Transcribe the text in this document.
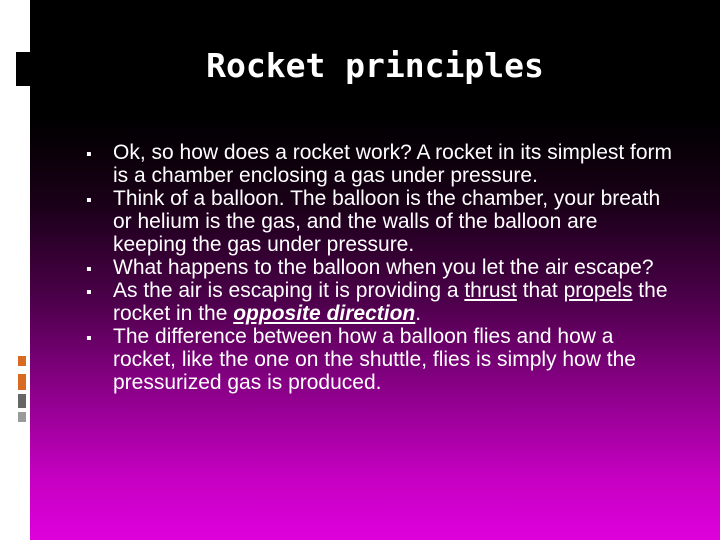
Rocket principles
▪ Ok, so how does a rocket work? A rocket in its simplest form is a chamber enclosing a gas under pressure.
▪ Think of a balloon. The balloon is the chamber, your breath or helium is the gas, and the walls of the balloon are keeping the gas under pressure.
▪ What happens to the balloon when you let the air escape?
▪ As the air is escaping it is providing a thrust that propels the rocket in the opposite direction.
▪ The difference between how a balloon flies and how a rocket, like the one on the shuttle, flies is simply how the pressurized gas is produced.
